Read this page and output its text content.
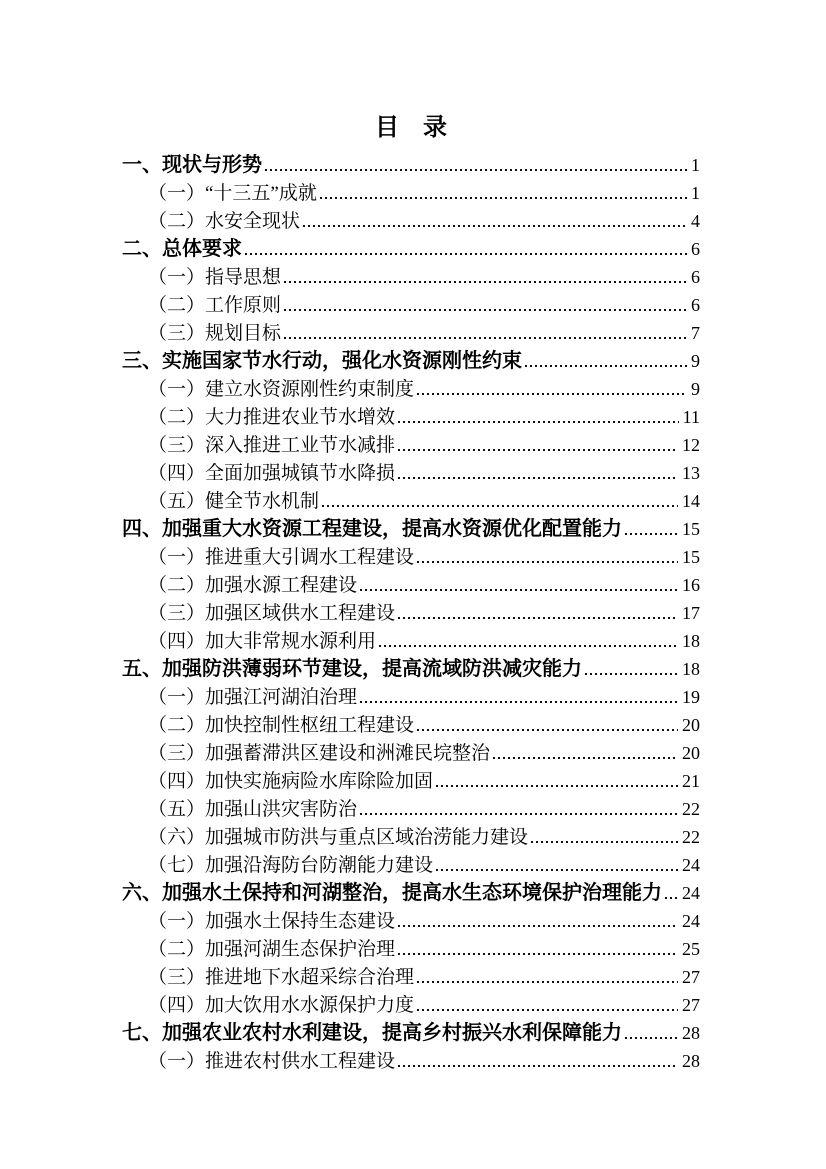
目　录
一、现状与形势	1
（一）“十三五”成就	1
（二）水安全现状	4
二、总体要求	6
（一）指导思想	6
（二）工作原则	6
（三）规划目标	7
三、实施国家节水行动，强化水资源刚性约束	9
（一）建立水资源刚性约束制度	9
（二）大力推进农业节水增效	11
（三）深入推进工业节水减排	12
（四）全面加强城镇节水降损	13
（五）健全节水机制	14
四、加强重大水资源工程建设，提高水资源优化配置能力	15
（一）推进重大引调水工程建设	15
（二）加强水源工程建设	16
（三）加强区域供水工程建设	17
（四）加大非常规水源利用	18
五、加强防洪薄弱环节建设，提高流域防洪减灾能力	18
（一）加强江河湖泊治理	19
（二）加快控制性枢纽工程建设	20
（三）加强蓄滞洪区建设和洲滩民垸整治	20
（四）加快实施病险水库除险加固	21
（五）加强山洪灾害防治	22
（六）加强城市防洪与重点区域治涝能力建设	22
（七）加强沿海防台防潮能力建设	24
六、加强水土保持和河湖整治，提高水生态环境保护治理能力 24
（一）加强水土保持生态建设	24
（二）加强河湖生态保护治理	25
（三）推进地下水超采综合治理	27
（四）加大饮用水水源保护力度	27
七、加强农业农村水利建设，提高乡村振兴水利保障能力	28
（一）推进农村供水工程建设	28
